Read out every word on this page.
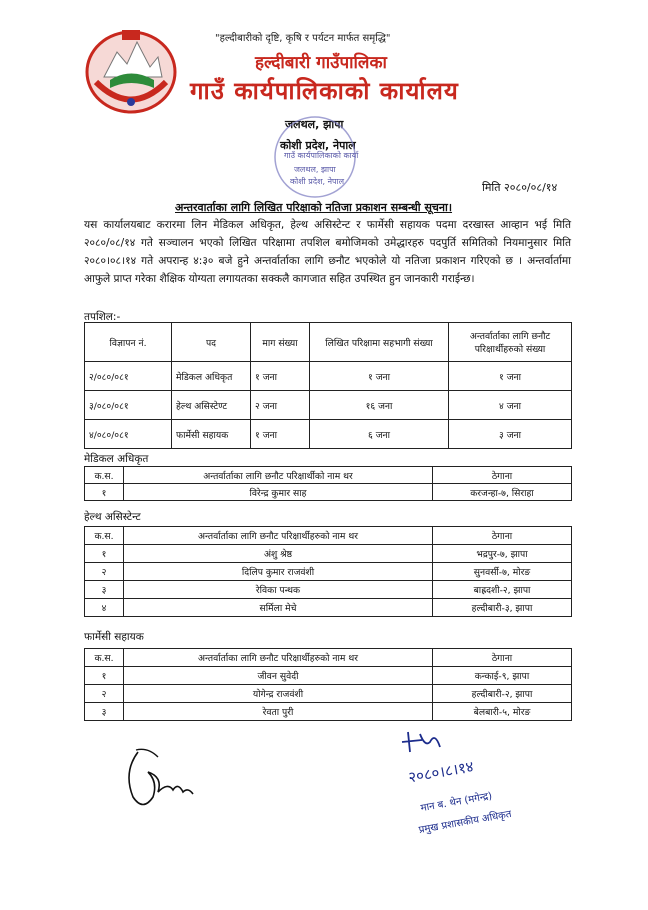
"हल्दीबारीको दृष्टि, कृषि र पर्यटन मार्फत समृद्धि"
हल्दीबारी गाउँपालिका
गाउँ कार्यपालिकाको कार्यालय
जलथल, झापा
कोशी प्रदेश, नेपाल
गाउँ कार्यपालिकाको कार्या
जलथल, झापा
कोशी प्रदेश, नेपाल	मिति २०८०/०८/१४
अन्तरवार्ताका लागि लिखित परिक्षाको नतिजा प्रकाशन सम्बन्धी सूचना।
यस कार्यालयबाट करारमा लिन मेडिकल अधिकृत, हेल्थ असिस्टेन्ट र फार्मेसी सहायक पदमा दरखास्त आव्हान भई मिति २०८०/०८/१४ गते सञ्चालन भएको लिखित परिक्षामा तपशिल बमोजिमको उमेद्धारहरु पदपुर्ति समितिको नियमानुसार मिति २०८०।०८।१४ गते अपरान्ह ४:३० बजे हुने अन्तर्वार्ताका लागि छनौट भएकोले यो नतिजा प्रकाशन गरिएको छ । अन्तर्वार्तामा आफुले प्राप्त गरेका शैक्षिक योग्यता लगायतका सक्कलै कागजात सहित उपस्थित हुन जानकारी गराईन्छ।
तपशिल:-
विज्ञापन नं.	पद	माग संख्या	लिखित परिक्षामा सहभागी संख्या	अन्तर्वार्ताका लागि छनौट परिक्षार्थीहरुको संख्या
२/०८०/०८१	मेडिकल अधिकृत	१ जना	१ जना	१ जना
३/०८०/०८१	हेल्थ असिस्टेण्ट	२ जना	१६ जना	४ जना
४/०८०/०८१	फार्मेसी सहायक	१ जना	६ जना	३ जना
मेडिकल अधिकृत
क.स.	अन्तर्वार्ताका लागि छनौट परिक्षार्थीको नाम थर	ठेगाना
१	विरेन्द्र कुमार साह	करजन्हा-७, सिराहा
हेल्थ असिस्टेन्ट
क.स.	अन्तर्वार्ताका लागि छनौट परिक्षार्थीहरुको नाम थर	ठेगाना
१	अंशु श्रेष्ठ	भद्रपुर-७, झापा
२	दिलिप कुमार राजवंशी	सुनवर्सी-७, मोरङ
३	रेविका पन्थक	बाह्रदशी-२, झापा
४	सर्मिला मेचे	हल्दीबारी-३, झापा
फार्मेसी सहायक
क.स.	अन्तर्वार्ताका लागि छनौट परिक्षार्थीहरुको नाम थर	ठेगाना
१	जीवन सुवेदी	कन्काई-९, झापा
२	योगेन्द्र राजवंशी	हल्दीबारी-२, झापा
३	रेवता पुरी	बेलबारी-५, मोरङ
२०८०।८।१४
मान ब. थेन (मगेन्द्र)
प्रमुख प्रशासकीय अधिकृत
